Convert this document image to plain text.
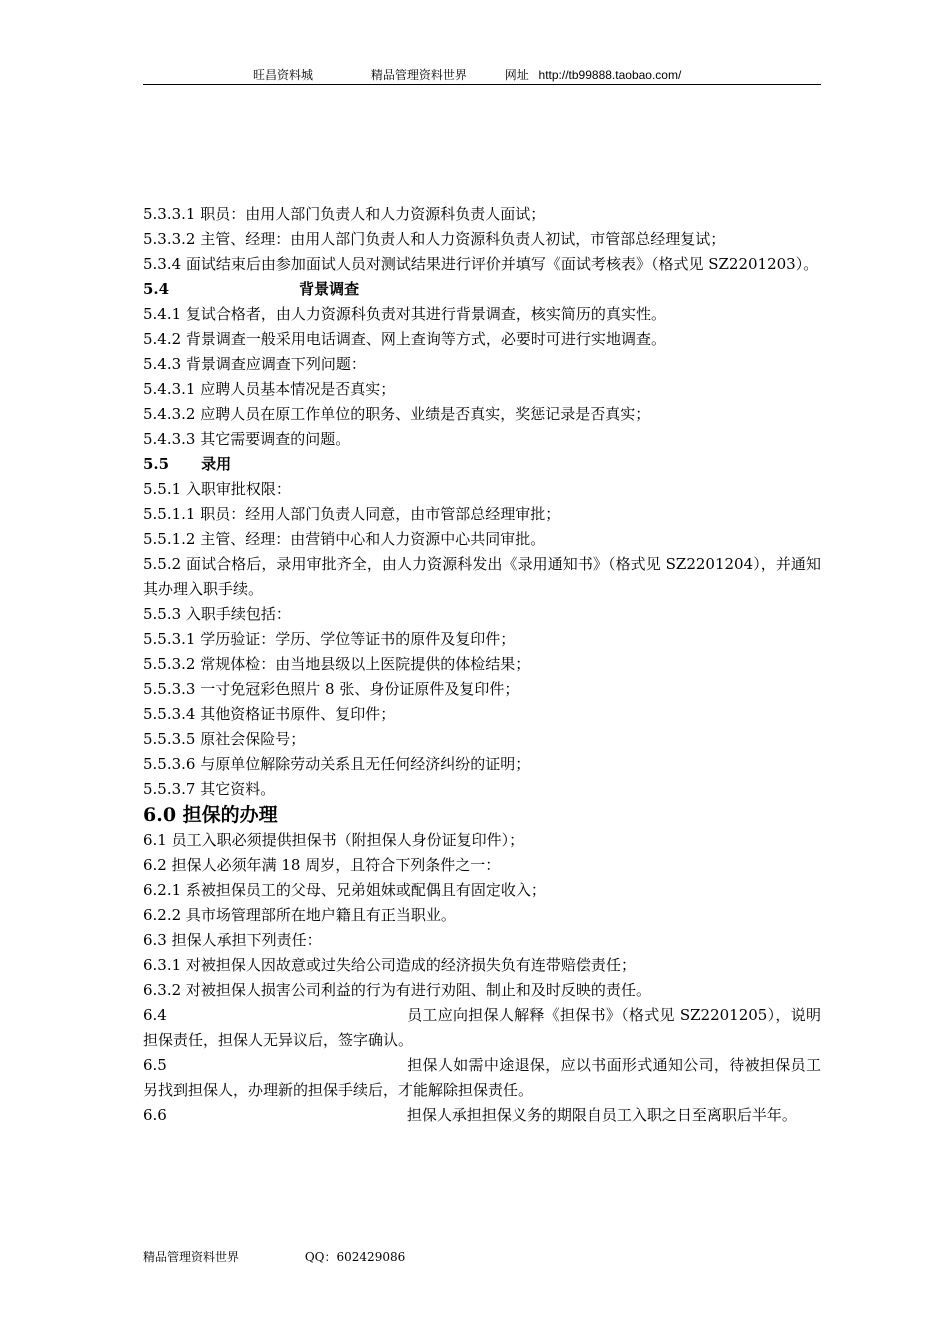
旺昌资料城	精品管理资料世界	网址 http://tb99888.taobao.com/
5.3.3.1 职员：由用人部门负责人和人力资源科负责人面试；
5.3.3.2 主管、经理：由用人部门负责人和人力资源科负责人初试，市管部总经理复试；
5.3.4 面试结束后由参加面试人员对测试结果进行评价并填写《面试考核表》（格式见 SZ2201203）。
5.4	背景调查
5.4.1 复试合格者，由人力资源科负责对其进行背景调查，核实简历的真实性。
5.4.2 背景调查一般采用电话调查、网上查询等方式，必要时可进行实地调查。
5.4.3 背景调查应调查下列问题：
5.4.3.1 应聘人员基本情况是否真实；
5.4.3.2 应聘人员在原工作单位的职务、业绩是否真实，奖惩记录是否真实；
5.4.3.3 其它需要调查的问题。
5.5 录用
5.5.1 入职审批权限：
5.5.1.1 职员：经用人部门负责人同意，由市管部总经理审批；
5.5.1.2 主管、经理：由营销中心和人力资源中心共同审批。
5.5.2 面试合格后，录用审批齐全，由人力资源科发出《录用通知书》（格式见 SZ2201204），并通知其办理入职手续。
5.5.3 入职手续包括：
5.5.3.1 学历验证：学历、学位等证书的原件及复印件；
5.5.3.2 常规体检：由当地县级以上医院提供的体检结果；
5.5.3.3 一寸免冠彩色照片 8 张、身份证原件及复印件；
5.5.3.4 其他资格证书原件、复印件；
5.5.3.5 原社会保险号；
5.5.3.6 与原单位解除劳动关系且无任何经济纠纷的证明；
5.5.3.7 其它资料。
6.0 担保的办理
6.1 员工入职必须提供担保书（附担保人身份证复印件）；
6.2 担保人必须年满 18 周岁，且符合下列条件之一：
6.2.1 系被担保员工的父母、兄弟姐妹或配偶且有固定收入；
6.2.2 具市场管理部所在地户籍且有正当职业。
6.3 担保人承担下列责任：
6.3.1 对被担保人因故意或过失给公司造成的经济损失负有连带赔偿责任；
6.3.2 对被担保人损害公司利益的行为有进行劝阻、制止和及时反映的责任。
6.4	员工应向担保人解释《担保书》（格式见 SZ2201205），说明担保责任，担保人无异议后，签字确认。
6.5	担保人如需中途退保，应以书面形式通知公司，待被担保员工另找到担保人，办理新的担保手续后，才能解除担保责任。
6.6	担保人承担担保义务的期限自员工入职之日至离职后半年。
精品管理资料世界	QQ：602429086
